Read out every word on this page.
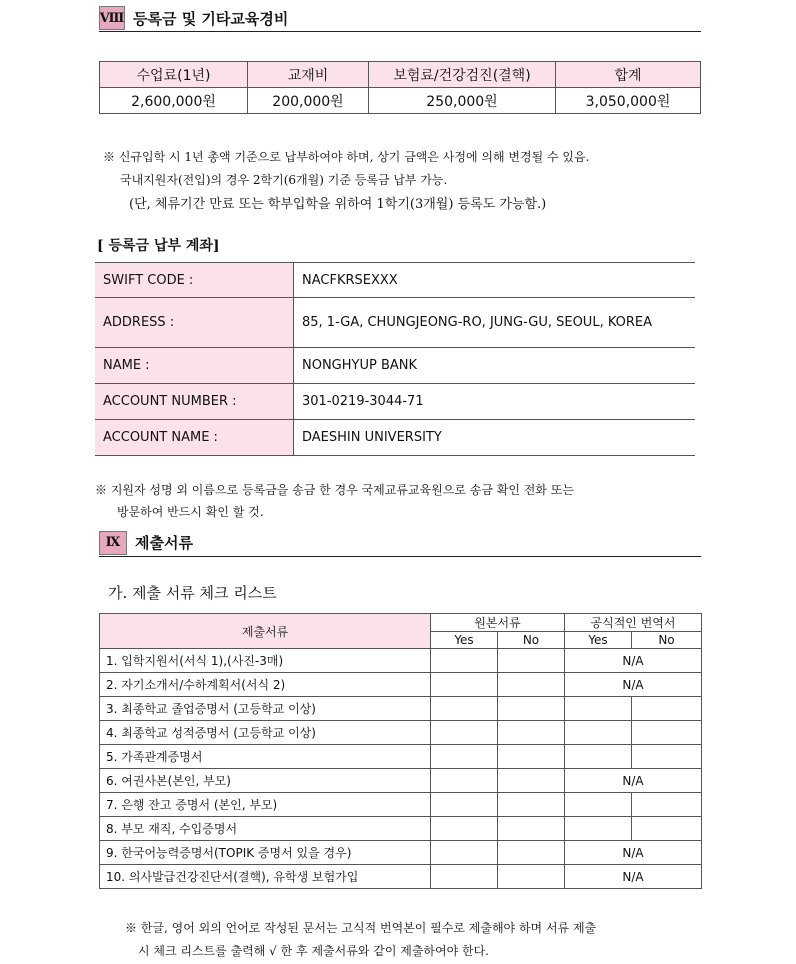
Ⅷ 등록금 및 기타교육경비
수업료(1년)	교재비	보험료/건강검진(결핵)	합계
2,600,000원	200,000원	250,000원	3,050,000원
※ 신규입학 시 1년 총액 기준으로 납부하여야 하며, 상기 금액은 사정에 의해 변경될 수 있음.
국내지원자(전입)의 경우 2학기(6개월) 기준 등록금 납부 가능.
(단, 체류기간 만료 또는 학부입학을 위하여 1학기(3개월) 등록도 가능함.)
[ 등록금 납부 계좌]
SWIFT CODE :	NACFKRSEXXX
ADDRESS :	85, 1-GA, CHUNGJEONG-RO, JUNG-GU, SEOUL, KOREA
NAME :	NONGHYUP BANK
ACCOUNT NUMBER :	301-0219-3044-71
ACCOUNT NAME :	DAESHIN UNIVERSITY
※ 지원자 성명 외 이름으로 등록금을 송금 한 경우 국제교류교육원으로 송금 확인 전화 또는
방문하여 반드시 확인 할 것.
Ⅸ 제출서류
가. 제출 서류 체크 리스트
제출서류	원본서류		공식적인 번역서	
	Yes	No	Yes	No
1. 입학지원서(서식 1),(사진-3매)			N/A	
2. 자기소개서/수하계획서(서식 2)			N/A	
3. 최종학교 졸업증명서 (고등학교 이상)				
4. 최종학교 성적증명서 (고등학교 이상)				
5. 가족관계증명서				
6. 여권사본(본인, 부모)			N/A	
7. 은행 잔고 증명서 (본인, 부모)				
8. 부모 재직, 수입증명서				
9. 한국어능력증명서(TOPIK 증명서 있을 경우)			N/A	
10. 의사발급건강진단서(결핵), 유학생 보험가입			N/A	
※ 한글, 영어 외의 언어로 작성된 문서는 고식적 번역본이 필수로 제출해야 하며 서류 제출
시 체크 리스트를 출력해 √ 한 후 제출서류와 같이 제출하여야 한다.
